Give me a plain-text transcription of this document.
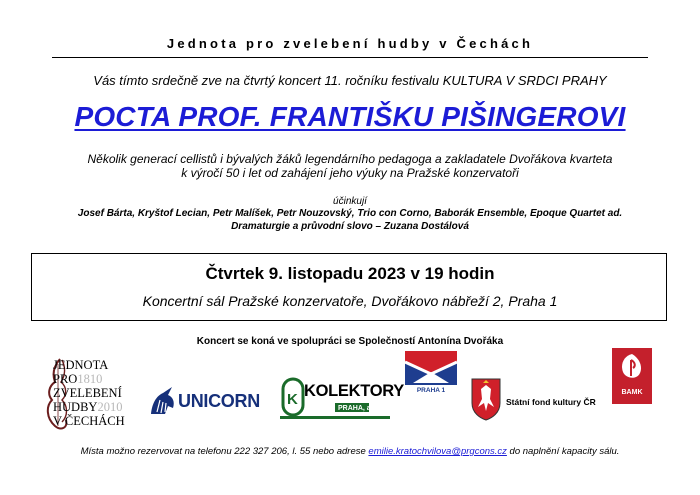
Jednota pro zvelebení hudby v Čechách
Vás tímto srdečně zve na čtvrtý koncert 11. ročníku festivalu KULTURA V SRDCI PRAHY
POCTA PROF. FRANTIŠKU PIŠINGEROVI
Několik generací cellistů i bývalých žáků legendárního pedagoga a zakladatele Dvořákova kvarteta
k výročí 50 i let od zahájení jeho výuky na Pražské konzervatoři
účinkují
Josef Bárta, Kryštof Lecian, Petr Malíšek, Petr Nouzovský, Trio con Corno, Baborák Ensemble, Epoque Quartet ad.
Dramaturgie a průvodní slovo – Zuzana Dostálová
Čtvrtek 9. listopadu 2023 v 19 hodin
Koncertní sál Pražské konzervatoře, Dvořákovo nábřeží 2, Praha 1
Koncert se koná ve spolupráci se Společností Antonína Dvořáka
JEDNOTA
PRO1810
ZVELEBENÍ
HUDBY2010
V ČECHÁCH
UNICORN K KOLEKTORY
PRAHA, a.s.
PRAHA 1
Státní fond kultury ČR
BAMK
Místa možno rezervovat na telefonu 222 327 206, l. 55 nebo adrese emilie.kratochvilova@prgcons.cz do naplnění kapacity sálu.
